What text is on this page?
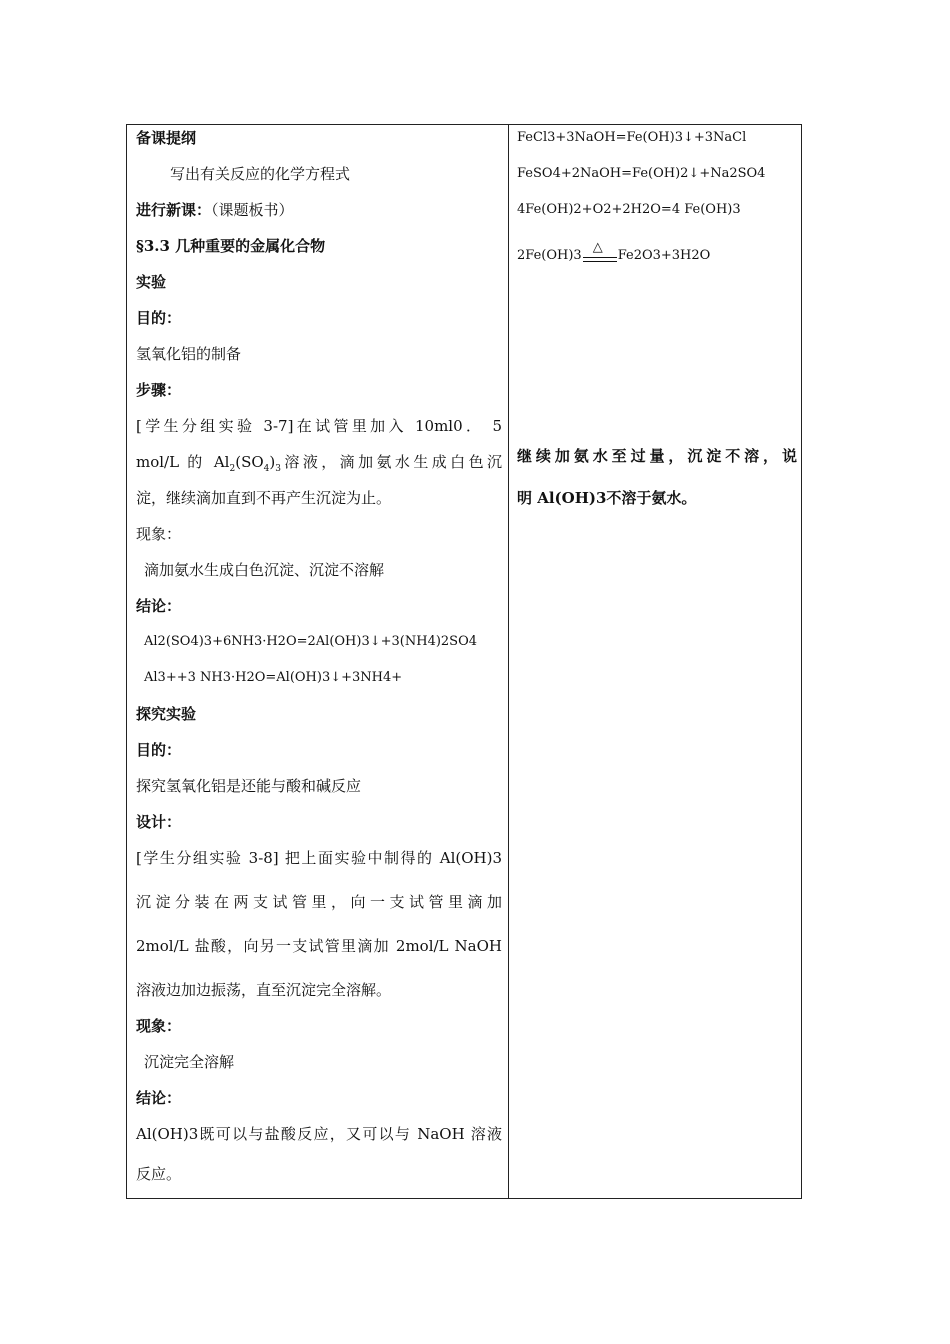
备课提纲
写出有关反应的化学方程式
进行新课：（课题板书）
§3.3 几种重要的金属化合物
实验
目的：
氢氧化铝的制备
步骤：
[学生分组实验 3-7]在试管里加入 10ml0． 5
mol/L 的 $Al_2(SO_4)_3$溶液，滴加氨水生成白色沉
淀，继续滴加直到不再产生沉淀为止。
现象：
滴加氨水生成白色沉淀、沉淀不溶解
结论：
Al2(SO4)3+6NH3·H2O=2Al(OH)3↓+3(NH4)2SO4
Al3++3 NH3·H2O=Al(OH)3↓+3NH4+
探究实验
目的：
探究氢氧化铝是还能与酸和碱反应
设计：
[学生分组实验 3-8] 把上面实验中制得的 Al(OH)3
沉淀分装在两支试管里，向一支试管里滴加
2mol/L 盐酸，向另一支试管里滴加 2mol/L NaOH
溶液边加边振荡，直至沉淀完全溶解。
现象：
沉淀完全溶解
结论：
Al(OH)3既可以与盐酸反应，又可以与 NaOH 溶液
反应。
FeCl3+3NaOH=Fe(OH)3↓+3NaCl
FeSO4+2NaOH=Fe(OH)2↓+Na2SO4
4Fe(OH)2+O2+2H2O=4 Fe(OH)3
2Fe(OH)3
△
Fe2O3+3H2O
继续加氨水至过量，沉淀不溶，说
明 Al(OH)3不溶于氨水。
